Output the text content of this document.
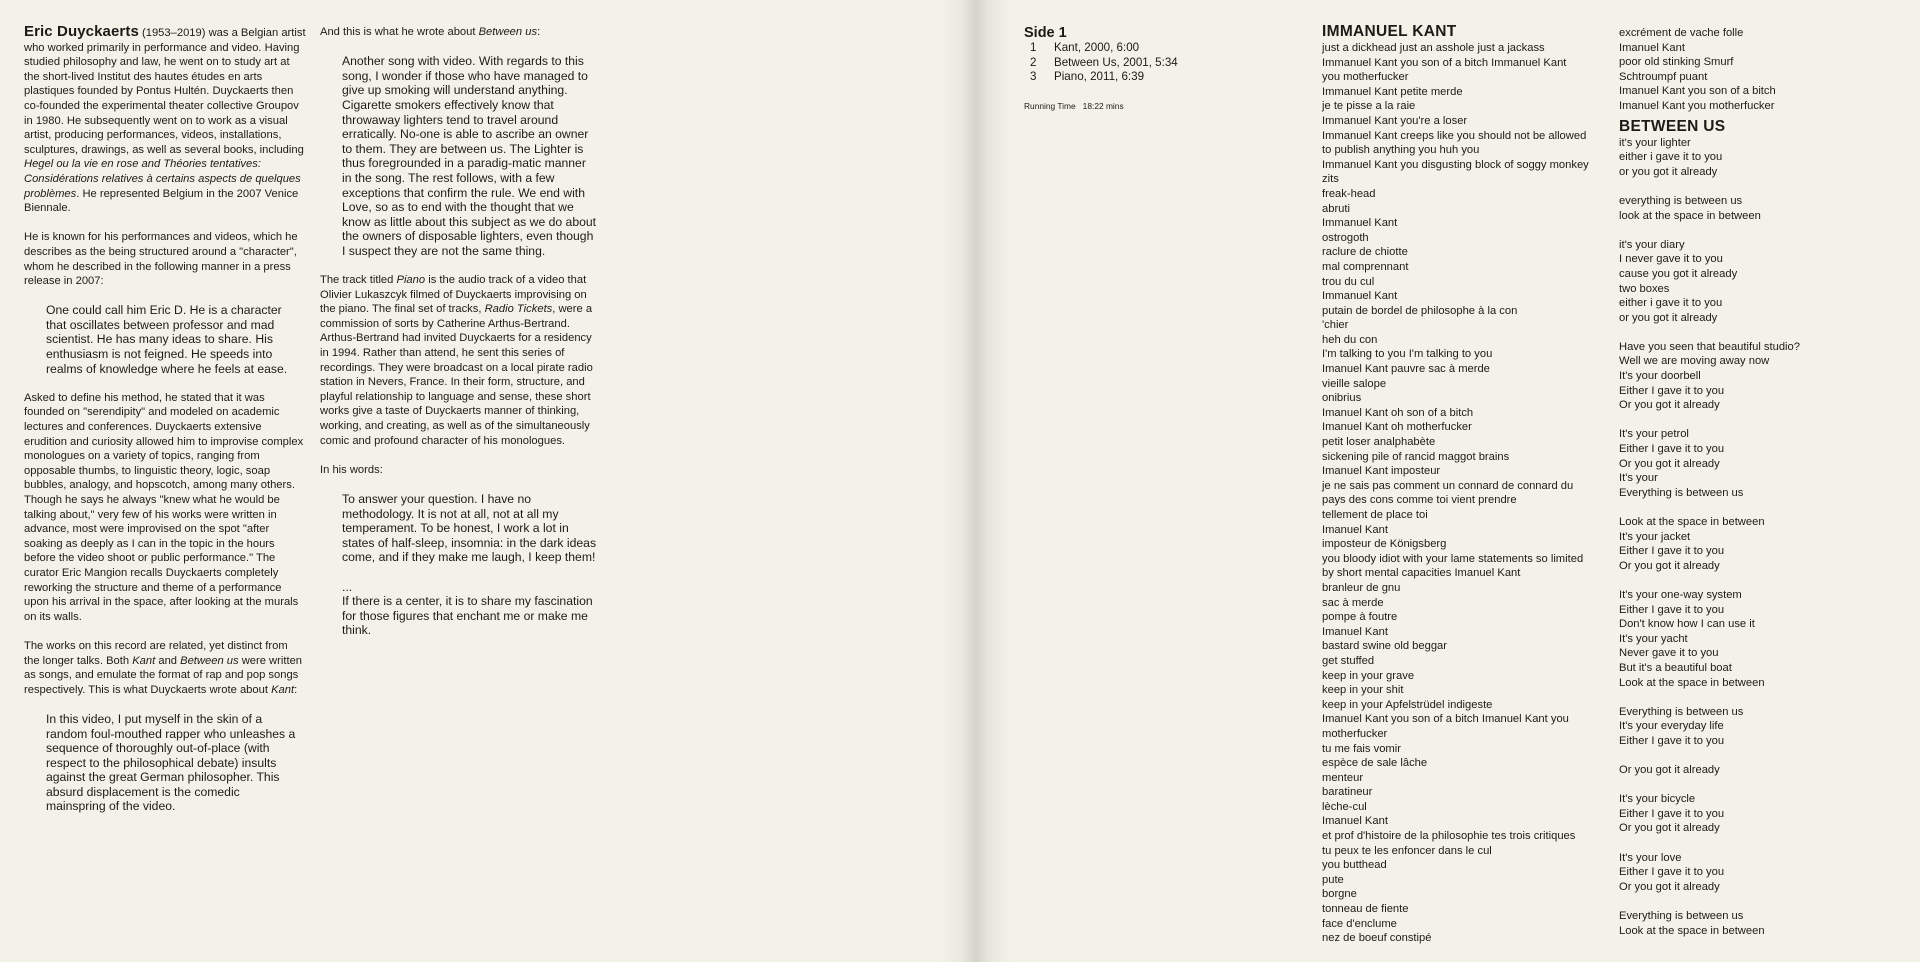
Eric Duyckaerts (1953–2019) was a Belgian artist who worked primarily in performance and video. Having studied philosophy and law, he went on to study art at the short-lived Institut des hautes études en arts plastiques founded by Pontus Hultén. Duyckaerts then co-founded the experimental theater collective Groupov in 1980. He subsequently went on to work as a visual artist, producing performances, videos, installations, sculptures, drawings, as well as several books, including Hegel ou la vie en rose and Théories tentatives: Considérations relatives à certains aspects de quelques problèmes. He represented Belgium in the 2007 Venice Biennale.

He is known for his performances and videos, which he describes as the being structured around a "character", whom he described in the following manner in a press release in 2007:

One could call him Eric D. He is a character that oscillates between professor and mad scientist. He has many ideas to share. His enthusiasm is not feigned. He speeds into realms of knowledge where he feels at ease.

Asked to define his method, he stated that it was founded on "serendipity" and modeled on academic lectures and conferences. Duyckaerts extensive erudition and curiosity allowed him to improvise complex monologues on a variety of topics, ranging from opposable thumbs, to linguistic theory, logic, soap bubbles, analogy, and hopscotch, among many others. Though he says he always "knew what he would be talking about," very few of his works were written in advance, most were improvised on the spot "after soaking as deeply as I can in the topic in the hours before the video shoot or public performance." The curator Eric Mangion recalls Duyckaerts completely reworking the structure and theme of a performance upon his arrival in the space, after looking at the murals on its walls.

The works on this record are related, yet distinct from the longer talks. Both Kant and Between us were written as songs, and emulate the format of rap and pop songs respectively. This is what Duyckaerts wrote about Kant:

In this video, I put myself in the skin of a random foul-mouthed rapper who unleashes a sequence of thoroughly out-of-place (with respect to the philosophical debate) insults against the great German philosopher. This absurd displacement is the comedic mainspring of the video.

And this is what he wrote about Between us:

Another song with video. With regards to this song, I wonder if those who have managed to give up smoking will understand anything. Cigarette smokers effectively know that throwaway lighters tend to travel around erratically. No-one is able to ascribe an owner to them. They are between us. The Lighter is thus foregrounded in a paradig-matic manner in the song. The rest follows, with a few exceptions that confirm the rule. We end with Love, so as to end with the thought that we know as little about this subject as we do about the owners of disposable lighters, even though I suspect they are not the same thing.

The track titled Piano is the audio track of a video that Olivier Lukaszcyk filmed of Duyckaerts improvising on the piano. The final set of tracks, Radio Tickets, were a commission of sorts by Catherine Arthus-Bertrand. Arthus-Bertrand had invited Duyckaerts for a residency in 1994. Rather than attend, he sent this series of recordings. They were broadcast on a local pirate radio station in Nevers, France. In their form, structure, and playful relationship to language and sense, these short works give a taste of Duyckaerts manner of thinking, working, and creating, as well as of the simultaneously comic and profound character of his monologues.

In his words:

To answer your question. I have no methodology. It is not at all, not at all my temperament. To be honest, I work a lot in states of half-sleep, insomnia: in the dark ideas come, and if they make me laugh, I keep them!

...

If there is a center, it is to share my fascination for those figures that enchant me or make me think.

Side 1
1	Kant, 2000, 6:00
2	Between Us, 2001, 5:34
3	Piano, 2011, 6:39
Running Time 18:22 mins
IMMANUEL KANT
just a dickhead just an asshole just a jackass
Immanuel Kant you son of a bitch Immanuel Kant
you motherfucker
Immanuel Kant petite merde
je te pisse a la raie
Immanuel Kant you're a loser
Immanuel Kant creeps like you should not be allowed
to publish anything you huh you
Immanuel Kant you disgusting block of soggy monkey
zits
freak-head
abruti
Immanuel Kant
ostrogoth
raclure de chiotte
mal comprennant
trou du cul
Immanuel Kant
putain de bordel de philosophe à la con
'chier
heh du con
I'm talking to you I'm talking to you
Imanuel Kant pauvre sac à merde
vieille salope
onibrius
Imanuel Kant oh son of a bitch
Imanuel Kant oh motherfucker
petit loser analphabète
sickening pile of rancid maggot brains
Imanuel Kant imposteur
je ne sais pas comment un connard de connard du
pays des cons comme toi vient prendre
tellement de place toi
Imanuel Kant
imposteur de Königsberg
you bloody idiot with your lame statements so limited
by short mental capacities Imanuel Kant
branleur de gnu
sac à merde
pompe à foutre
Imanuel Kant
bastard swine old beggar
get stuffed
keep in your grave
keep in your shit
keep in your Apfelstrüdel indigeste
Imanuel Kant you son of a bitch Imanuel Kant you
motherfucker
tu me fais vomir
espèce de sale lâche
menteur
baratineur
lèche-cul
Imanuel Kant
et prof d'histoire de la philosophie tes trois critiques
tu peux te les enfoncer dans le cul
you butthead
pute
borgne
tonneau de fiente
face d'enclume
nez de boeuf constipé
excrément de vache folle
Imanuel Kant
poor old stinking Smurf
Schtroumpf puant
Imanuel Kant you son of a bitch
Imanuel Kant you motherfucker
BETWEEN US
it's your lighter
either i gave it to you
or you got it already
everything is between us
look at the space in between
it's your diary
I never gave it to you
cause you got it already
two boxes
either i gave it to you
or you got it already
Have you seen that beautiful studio?
Well we are moving away now
It's your doorbell
Either I gave it to you
Or you got it already
It's your petrol
Either I gave it to you
Or you got it already
It's your
Everything is between us
Look at the space in between
It's your jacket
Either I gave it to you
Or you got it already
It's your one-way system
Either I gave it to you
Don't know how I can use it
It's your yacht
Never gave it to you
But it's a beautiful boat
Look at the space in between
Everything is between us
It's your everyday life
Either I gave it to you
Or you got it already
It's your bicycle
Either I gave it to you
Or you got it already
It's your love
Either I gave it to you
Or you got it already
Everything is between us
Look at the space in between
